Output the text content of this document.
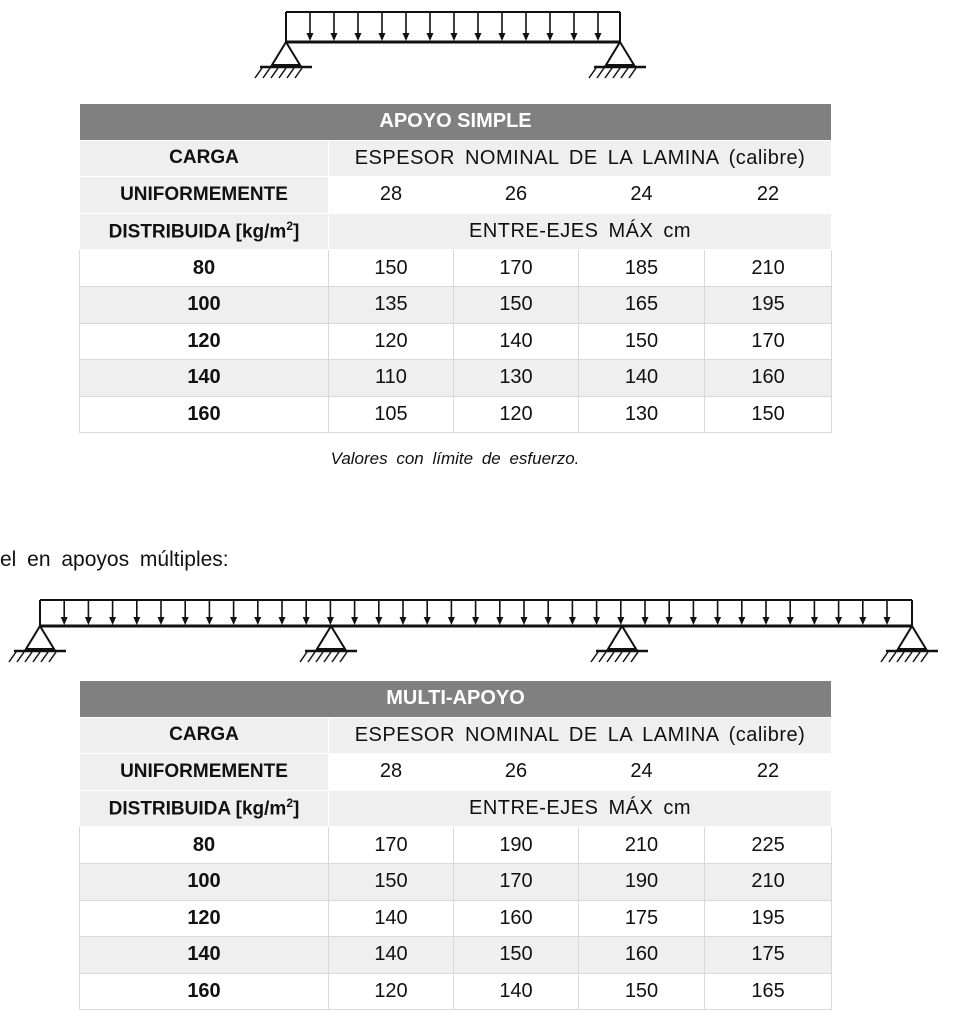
APOYO SIMPLE				
CARGA	ESPESOR NOMINAL DE LA LAMINA (calibre)			
UNIFORMEMENTE	28	26	24	22
DISTRIBUIDA $[kg/m^2]$	ENTRE-EJES MÁX cm			
80	150	170	185	210
100	135	150	165	195
120	120	140	150	170
140	110	130	140	160
160	105	120	130	150
Valores con límite de esfuerzo.
el en apoyos múltiples:
MULTI-APOYO				
CARGA	ESPESOR NOMINAL DE LA LAMINA (calibre)			
UNIFORMEMENTE	28	26	24	22
DISTRIBUIDA $[kg/m^2]$	ENTRE-EJES MÁX cm			
80	170	190	210	225
100	150	170	190	210
120	140	160	175	195
140	140	150	160	175
160	120	140	150	165
